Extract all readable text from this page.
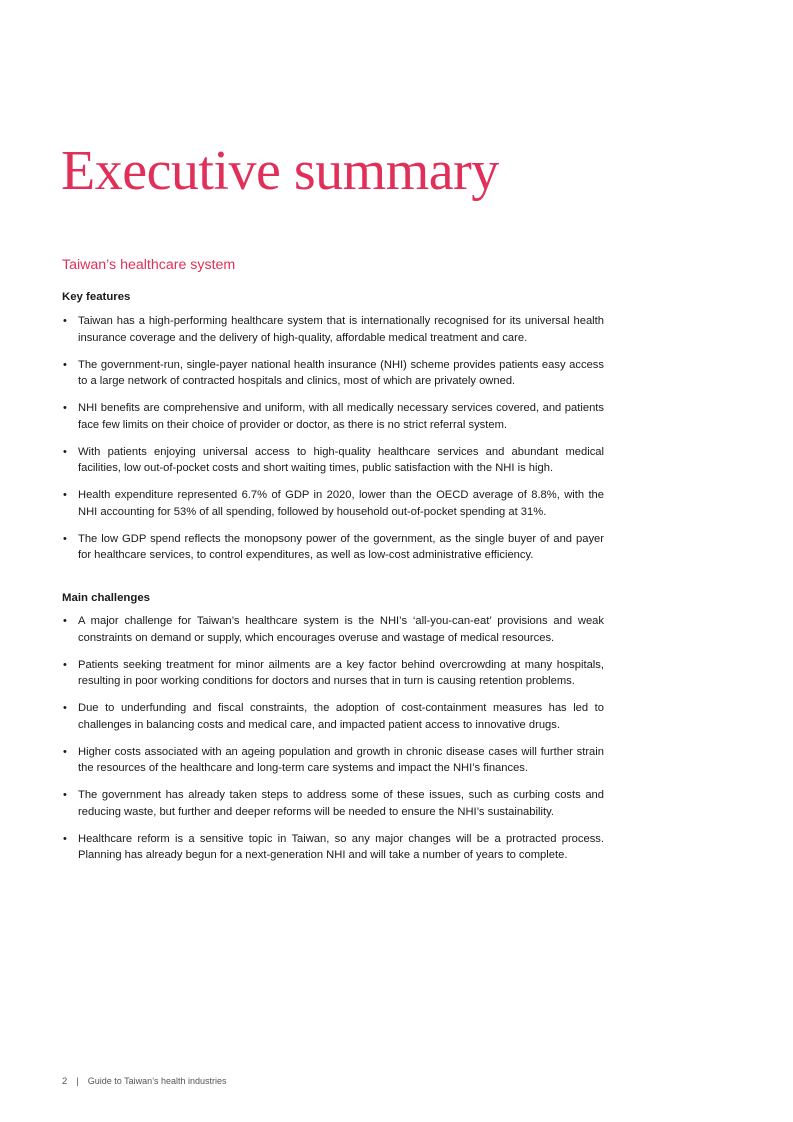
Executive summary
Taiwan’s healthcare system
Key features
• Taiwan has a high-performing healthcare system that is internationally recognised for its universal health insurance coverage and the delivery of high-quality, affordable medical treatment and care.
• The government-run, single-payer national health insurance (NHI) scheme provides patients easy access to a large network of contracted hospitals and clinics, most of which are privately owned.
• NHI benefits are comprehensive and uniform, with all medically necessary services covered, and patients face few limits on their choice of provider or doctor, as there is no strict referral system.
• With patients enjoying universal access to high-quality healthcare services and abundant medical facilities, low out-of-pocket costs and short waiting times, public satisfaction with the NHI is high.
• Health expenditure represented 6.7% of GDP in 2020, lower than the OECD average of 8.8%, with the NHI accounting for 53% of all spending, followed by household out-of-pocket spending at 31%.
• The low GDP spend reflects the monopsony power of the government, as the single buyer of and payer for healthcare services, to control expenditures, as well as low-cost administrative efficiency.
Main challenges
• A major challenge for Taiwan’s healthcare system is the NHI’s ‘all-you-can-eat’ provisions and weak constraints on demand or supply, which encourages overuse and wastage of medical resources.
• Patients seeking treatment for minor ailments are a key factor behind overcrowding at many hospitals, resulting in poor working conditions for doctors and nurses that in turn is causing retention problems.
• Due to underfunding and fiscal constraints, the adoption of cost-containment measures has led to challenges in balancing costs and medical care, and impacted patient access to innovative drugs.
• Higher costs associated with an ageing population and growth in chronic disease cases will further strain the resources of the healthcare and long-term care systems and impact the NHI’s finances.
• The government has already taken steps to address some of these issues, such as curbing costs and reducing waste, but further and deeper reforms will be needed to ensure the NHI’s sustainability.
• Healthcare reform is a sensitive topic in Taiwan, so any major changes will be a protracted process. Planning has already begun for a next-generation NHI and will take a number of years to complete.
2 | Guide to Taiwan’s health industries
